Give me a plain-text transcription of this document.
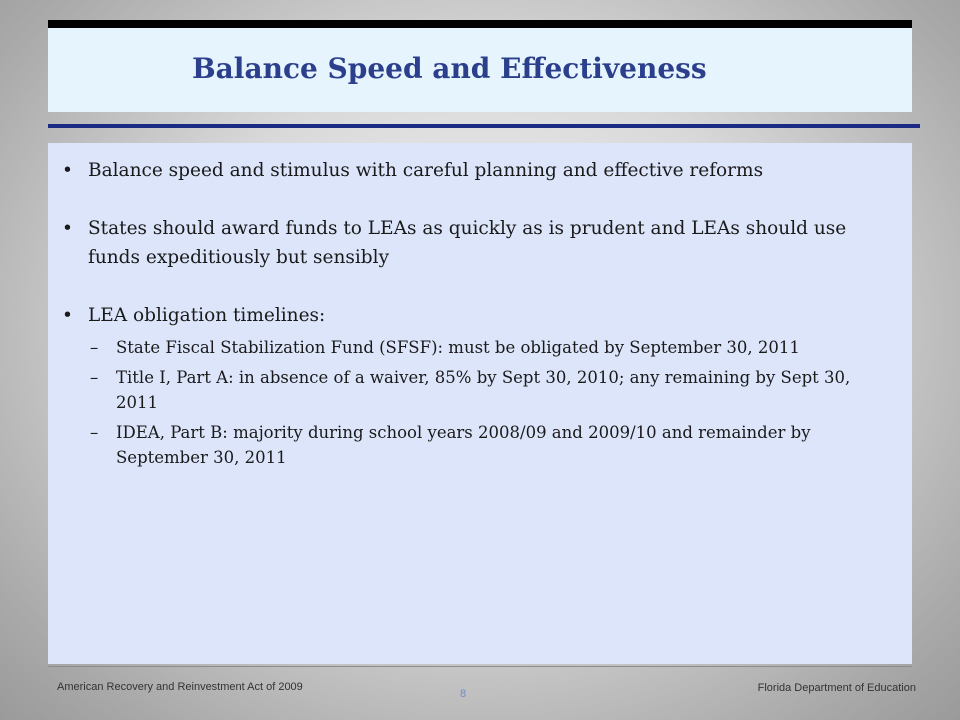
Balance Speed and Effectiveness
• Balance speed and stimulus with careful planning and effective reforms
• States should award funds to LEAs as quickly as is prudent and LEAs should use funds expeditiously but sensibly
• LEA obligation timelines:
– State Fiscal Stabilization Fund (SFSF): must be obligated by September 30, 2011
– Title I, Part A: in absence of a waiver, 85% by Sept 30, 2010; any remaining by Sept 30, 2011
– IDEA, Part B: majority during school years 2008/09 and 2009/10 and remainder by September 30, 2011
American Recovery and Reinvestment Act of 2009
8	Florida Department of Education
